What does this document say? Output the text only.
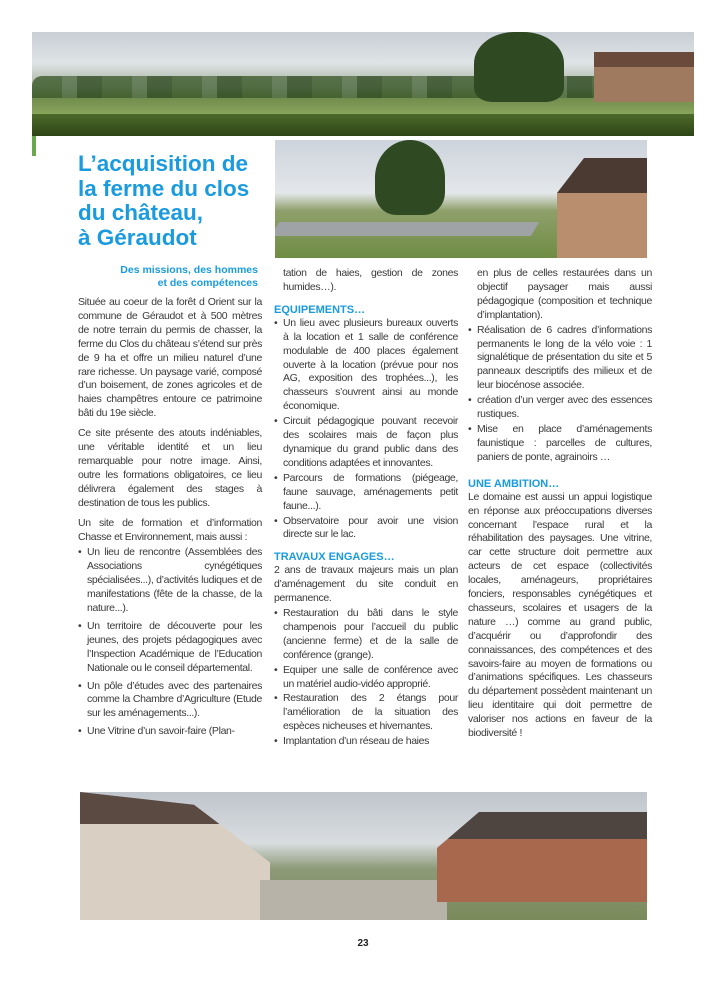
L’acquisition de
la ferme du clos
du château,
à Géraudot
Des missions, des hommes
et des compétences

Située au coeur de la forêt d Orient sur la commune de Géraudot et à 500 mètres de notre terrain du permis de chasser, la ferme du Clos du château s’étend sur près de 9 ha et offre un milieu naturel d’une rare richesse. Un paysage varié, composé d’un boisement, de zones agricoles et de haies champêtres entoure ce patrimoine bâti du 19e siècle.

Ce site présente des atouts indéniables, une véritable identité et un lieu remarquable pour notre image. Ainsi, outre les formations obligatoires, ce lieu délivrera également des stages à destination de tous les publics.

Un site de formation et d’information Chasse et Environnement, mais aussi :

• Un lieu de rencontre (Assemblées des Associations cynégétiques spécialisées...), d’activités ludiques et de manifestations (fête de la chasse, de la nature...).
• Un territoire de découverte pour les jeunes, des projets pédagogiques avec l’Inspection Académique de l’Education Nationale ou le conseil départemental.
• Un pôle d’études avec des partenaires comme la Chambre d’Agriculture (Etude sur les aménagements...).
• Une Vitrine d’un savoir-faire (Plan-

tation de haies, gestion de zones humides…).

EQUIPEMENTS…
• Un lieu avec plusieurs bureaux ouverts à la location et 1 salle de conférence modulable de 400 places également ouverte à la location (prévue pour nos AG, exposition des trophées...), les chasseurs s’ouvrent ainsi au monde économique.
• Circuit pédagogique pouvant recevoir des scolaires mais de façon plus dynamique du grand public dans des conditions adaptées et innovantes.
• Parcours de formations (piégeage, faune sauvage, aménagements petit faune...).
• Observatoire pour avoir une vision directe sur le lac.
TRAVAUX ENGAGES…

2 ans de travaux majeurs mais un plan d’aménagement du site conduit en permanence.

• Restauration du bâti dans le style champenois pour l’accueil du public (ancienne ferme) et de la salle de conférence (grange).
• Equiper une salle de conférence avec un matériel audio-vidéo approprié.
• Restauration des 2 étangs pour l’amélioration de la situation des espèces nicheuses et hivernantes.
• Implantation d’un réseau de haies

en plus de celles restaurées dans un objectif paysager mais aussi pédagogique (composition et technique d’implantation).

• Réalisation de 6 cadres d’informations permanents le long de la vélo voie : 1 signalétique de présentation du site et 5 panneaux descriptifs des milieux et de leur biocénose associée.
• création d’un verger avec des essences rustiques.
• Mise en place d’aménagements faunistique : parcelles de cultures, paniers de ponte, agrainoirs …
UNE AMBITION…

Le domaine est aussi un appui logistique en réponse aux préoccupations diverses concernant l’espace rural et la réhabilitation des paysages. Une vitrine, car cette structure doit permettre aux acteurs de cet espace (collectivités locales, aménageurs, propriétaires fonciers, responsables cynégétiques et chasseurs, scolaires et usagers de la nature …) comme au grand public, d’acquérir ou d’approfondir des connaissances, des compétences et des savoirs-faire au moyen de formations ou d’animations spécifiques. Les chasseurs du département possèdent maintenant un lieu identitaire qui doit permettre de valoriser nos actions en faveur de la biodiversité !

23
